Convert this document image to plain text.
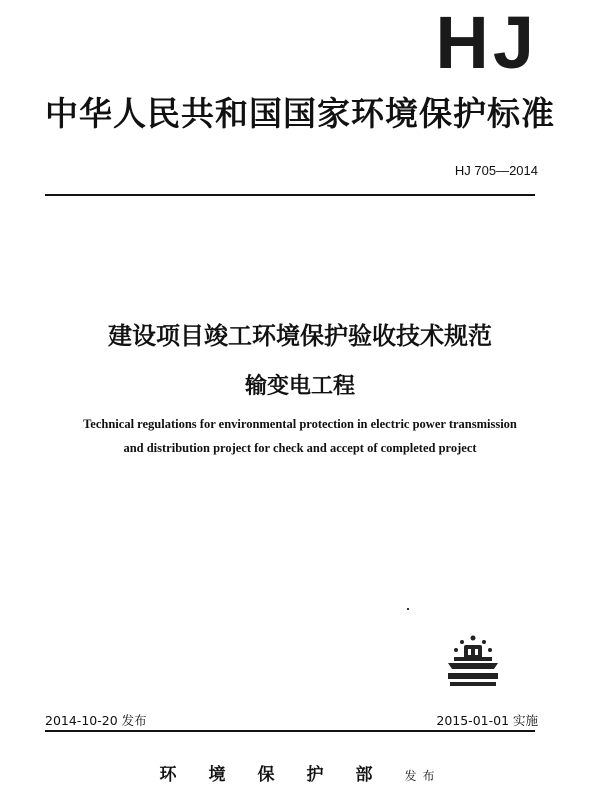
HJ
中华人民共和国国家环境保护标准
HJ 705—2014
建设项目竣工环境保护验收技术规范
输变电工程
Technical regulations for environmental protection in electric power transmission
and distribution project for check and accept of completed project
2014-10-20 发布	2015-01-01 实施
环境保护部发布
